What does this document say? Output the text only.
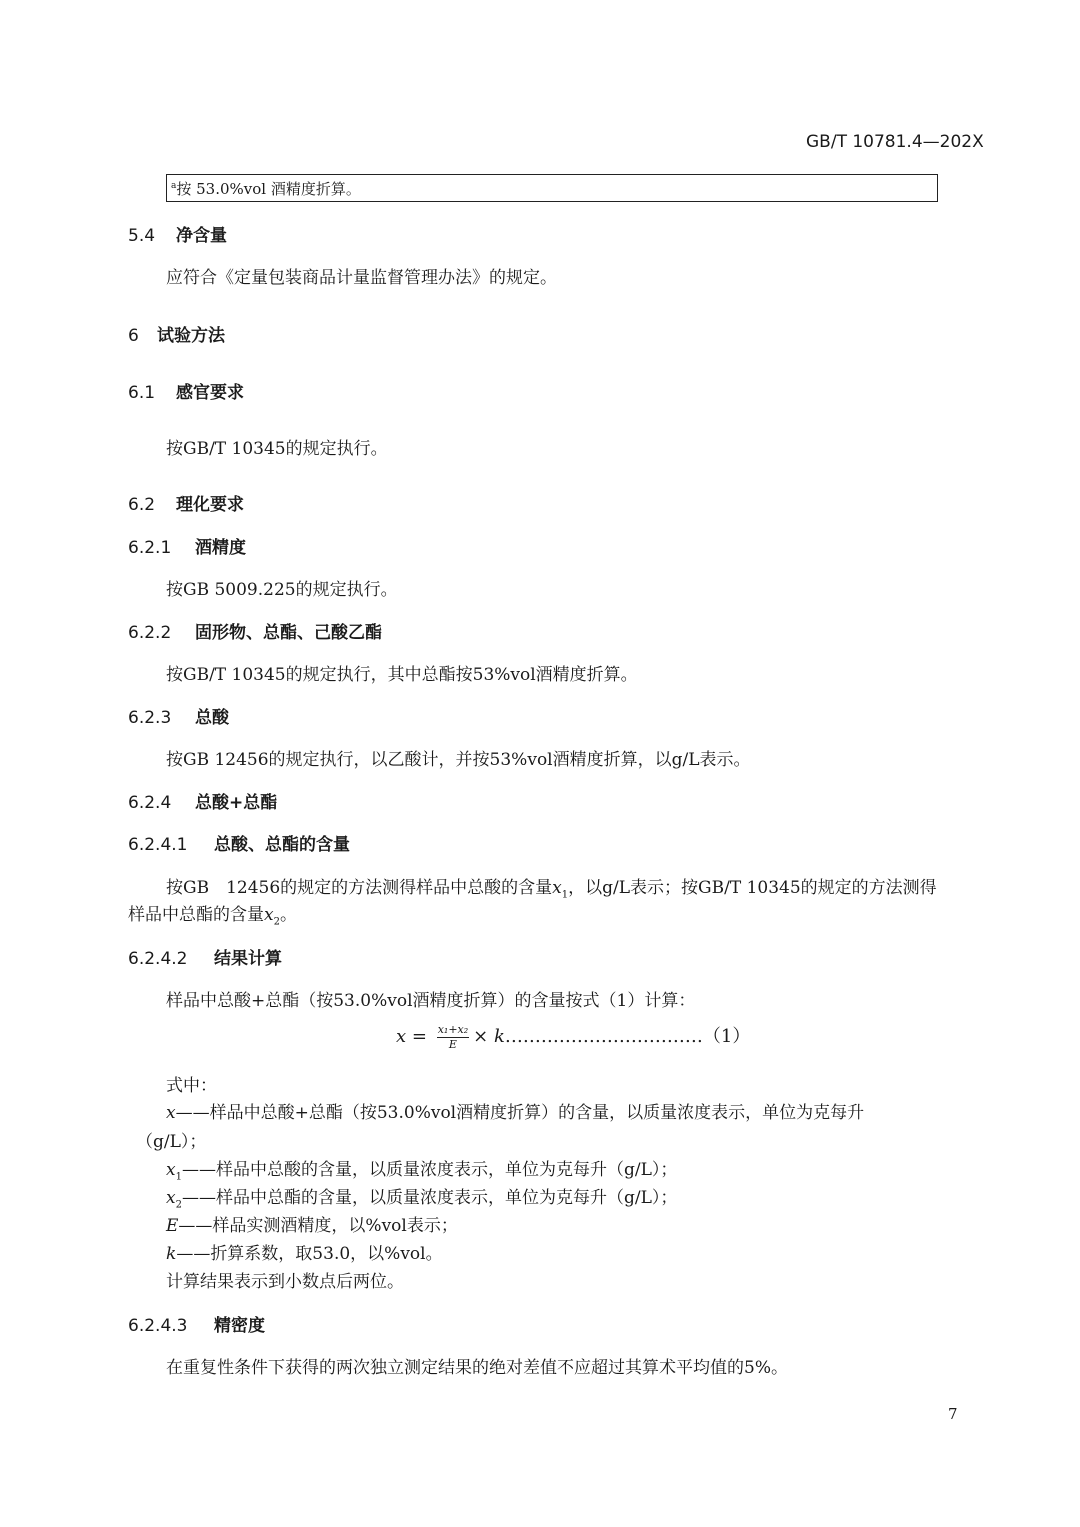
GB/T 10781.4—202X
$^a$按 53.0%vol 酒精度折算。
5.4 净含量
应符合《定量包装商品计量监督管理办法》的规定。
6 试验方法
6.1 感官要求
按GB/T 10345的规定执行。
6.2 理化要求
6.2.1 酒精度
按GB 5009.225的规定执行。
6.2.2 固形物、总酯、己酸乙酯
按GB/T 10345的规定执行，其中总酯按53%vol酒精度折算。
6.2.3 总酸
按GB 12456的规定执行，以乙酸计，并按53%vol酒精度折算，以g/L表示。
6.2.4 总酸+总酯
6.2.4.1 总酸、总酯的含量
按GB　12456的规定的方法测得样品中总酸的含量$x_1$，以g/L表示；按GB/T 10345的规定的方法测得
样品中总酯的含量$x_2$。
6.2.4.2 结果计算
样品中总酸+总酯（按53.0%vol酒精度折算）的含量按式（1）计算：
$x = \frac{\text{x₁+x₂}}{E}$ × k……………………………（1）
式中：
x——样品中总酸+总酯（按53.0%vol酒精度折算）的含量，以质量浓度表示，单位为克每升
（g/L）；
$x_1——$样品中总酸的含量，以质量浓度表示，单位为克每升（g/L）；
$x_2——$样品中总酯的含量，以质量浓度表示，单位为克每升（g/L）；
E——样品实测酒精度，以%vol表示；
k——折算系数，取53.0，以%vol。
计算结果表示到小数点后两位。
6.2.4.3 精密度
在重复性条件下获得的两次独立测定结果的绝对差值不应超过其算术平均值的5%。
7
